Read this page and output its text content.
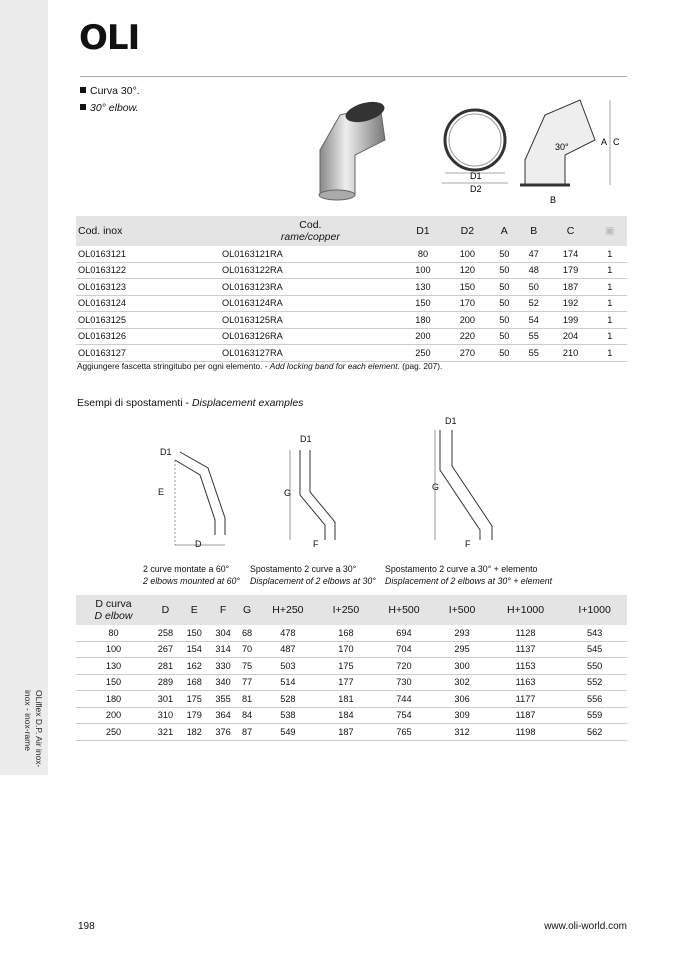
OLiflex D.P. Air inox-
inox - inox-rame
OLI
Curva 30°.
30° elbow.
D1
D2
30°	A C
B
Cod. inox	Cod.
rame/copper	D1	D2	A	B	C	▣
OL0163121	OL0163121RA	80	100	50	47	174	1
OL0163122	OL0163122RA	100	120	50	48	179	1
OL0163123	OL0163123RA	130	150	50	50	187	1
OL0163124	OL0163124RA	150	170	50	52	192	1
OL0163125	OL0163125RA	180	200	50	54	199	1
OL0163126	OL0163126RA	200	220	50	55	204	1
OL0163127	OL0163127RA	250	270	50	55	210	1
Aggiungere fascetta stringitubo per ogni elemento. - Add locking band for each element. (pag. 207).
Esempi di spostamenti - Displacement examples
D1
E
D
D1
G
F
D1
G
F
2 curve montate a 60°
2 elbows mounted at 60°
Spostamento 2 curve a 30°
Displacement of 2 elbows at 30°
Spostamento 2 curve a 30° + elemento
Displacement of 2 elbows at 30° + element
D curva
D elbow	D	E	F	G	H+250	I+250	H+500	I+500	H+1000	I+1000
80	258	150	304	68	478	168	694	293	1128	543
100	267	154	314	70	487	170	704	295	1137	545
130	281	162	330	75	503	175	720	300	1153	550
150	289	168	340	77	514	177	730	302	1163	552
180	301	175	355	81	528	181	744	306	1177	556
200	310	179	364	84	538	184	754	309	1187	559
250	321	182	376	87	549	187	765	312	1198	562
198	www.oli-world.com
